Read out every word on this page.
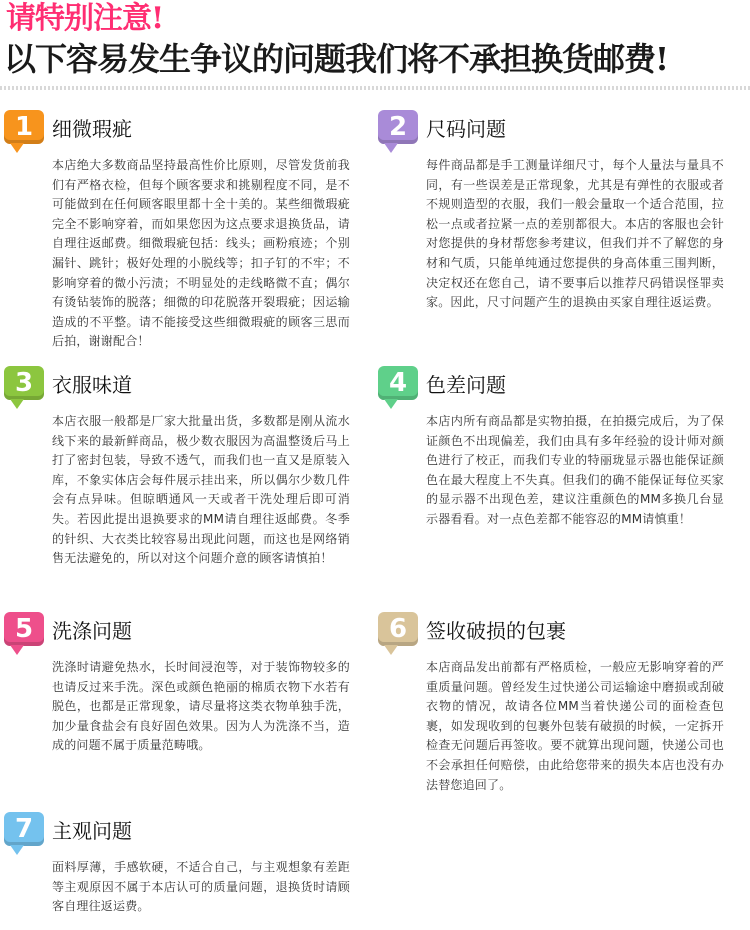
请特别注意!
以下容易发生争议的问题我们将不承担换货邮费!
1 细微瑕疵
本店绝大多数商品坚持最高性价比原则，尽管发货前我们有严格衣检，但每个顾客要求和挑剔程度不同，是不可能做到在任何顾客眼里都十全十美的。某些细微瑕疵完全不影响穿着，而如果您因为这点要求退换货品，请自理往返邮费。细微瑕疵包括：线头；画粉痕迹；个别漏针、跳针；极好处理的小脱线等；扣子钉的不牢；不影响穿着的微小污渍；不明显处的走线略微不直；偶尔有烫钻装饰的脱落；细微的印花脱落开裂瑕疵；因运输造成的不平整。请不能接受这些细微瑕疵的顾客三思而后拍，谢谢配合！
2 尺码问题
每件商品都是手工测量详细尺寸，每个人量法与量具不同，有一些误差是正常现象，尤其是有弹性的衣服或者不规则造型的衣服，我们一般会量取一个适合范围，拉松一点或者拉紧一点的差别都很大。本店的客服也会针对您提供的身材帮您参考建议，但我们并不了解您的身材和气质，只能单纯通过您提供的身高体重三围判断，决定权还在您自己，请不要事后以推荐尺码错误怪罪卖家。因此，尺寸问题产生的退换由买家自理往返运费。
3 衣服味道
本店衣服一般都是厂家大批量出货，多数都是刚从流水线下来的最新鲜商品，极少数衣服因为高温整烫后马上打了密封包装，导致不透气，而我们也一直又是原装入库，不象实体店会每件展示挂出来，所以偶尔少数几件会有点异味。但晾晒通风一天或者干洗处理后即可消失。若因此提出退换要求的MM请自理往返邮费。冬季的针织、大衣类比较容易出现此问题，而这也是网络销售无法避免的，所以对这个问题介意的顾客请慎拍！
4 色差问题
本店内所有商品都是实物拍摄，在拍摄完成后，为了保证颜色不出现偏差，我们由具有多年经验的设计师对颜色进行了校正，而我们专业的特丽珑显示器也能保证颜色在最大程度上不失真。但我们的确不能保证每位买家的显示器不出现色差，建议注重颜色的MM多换几台显示器看看。对一点色差都不能容忍的MM请慎重！
5 洗涤问题
洗涤时请避免热水，长时间浸泡等，对于装饰物较多的也请反过来手洗。深色或颜色艳丽的棉质衣物下水若有脱色，也都是正常现象，请尽量将这类衣物单独手洗，加少量食盐会有良好固色效果。因为人为洗涤不当，造成的问题不属于质量范畴哦。
6 签收破损的包裹
本店商品发出前都有严格质检，一般应无影响穿着的严重质量问题。曾经发生过快递公司运输途中磨损或刮破衣物的情况，故请各位MM当着快递公司的面检查包裹，如发现收到的包裹外包装有破损的时候，一定拆开检查无问题后再签收。要不就算出现问题，快递公司也不会承担任何赔偿，由此给您带来的损失本店也没有办法替您追回了。
7 主观问题
面料厚薄，手感软硬，不适合自己，与主观想象有差距等主观原因不属于本店认可的质量问题，退换货时请顾客自理往返运费。
